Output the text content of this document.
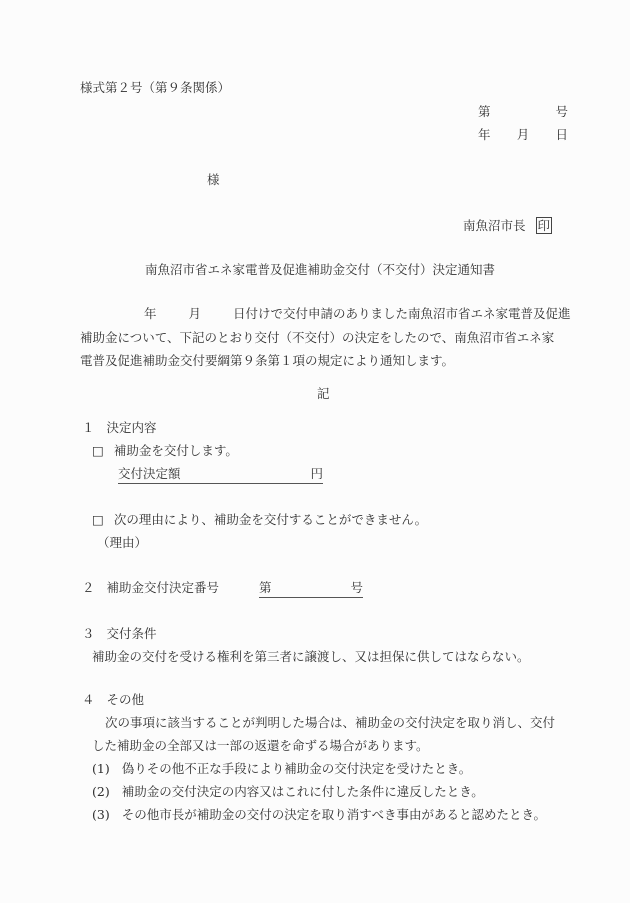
様式第２号（第９条関係）
第	号
年 月 日
様
南魚沼市長 印
南魚沼市省エネ家電普及促進補助金交付（不交付）決定通知書
年	月	日付けで交付申請のありました南魚沼市省エネ家電普及促進
補助金について、下記のとおり交付（不交付）の決定をしたので、南魚沼市省エネ家
電普及促進補助金交付要綱第９条第１項の規定により通知します。
記
１ 決定内容
□ 補助金を交付します。
交付決定額	円
□ 次の理由により、補助金を交付することができません。
（理由）
２ 補助金交付決定番号	第	号
３ 交付条件
補助金の交付を受ける権利を第三者に譲渡し、又は担保に供してはならない。
４ その他
次の事項に該当することが判明した場合は、補助金の交付決定を取り消し、交付
した補助金の全部又は一部の返還を命ずる場合があります。
(1) 偽りその他不正な手段により補助金の交付決定を受けたとき。
(2) 補助金の交付決定の内容又はこれに付した条件に違反したとき。
(3) その他市長が補助金の交付の決定を取り消すべき事由があると認めたとき。
